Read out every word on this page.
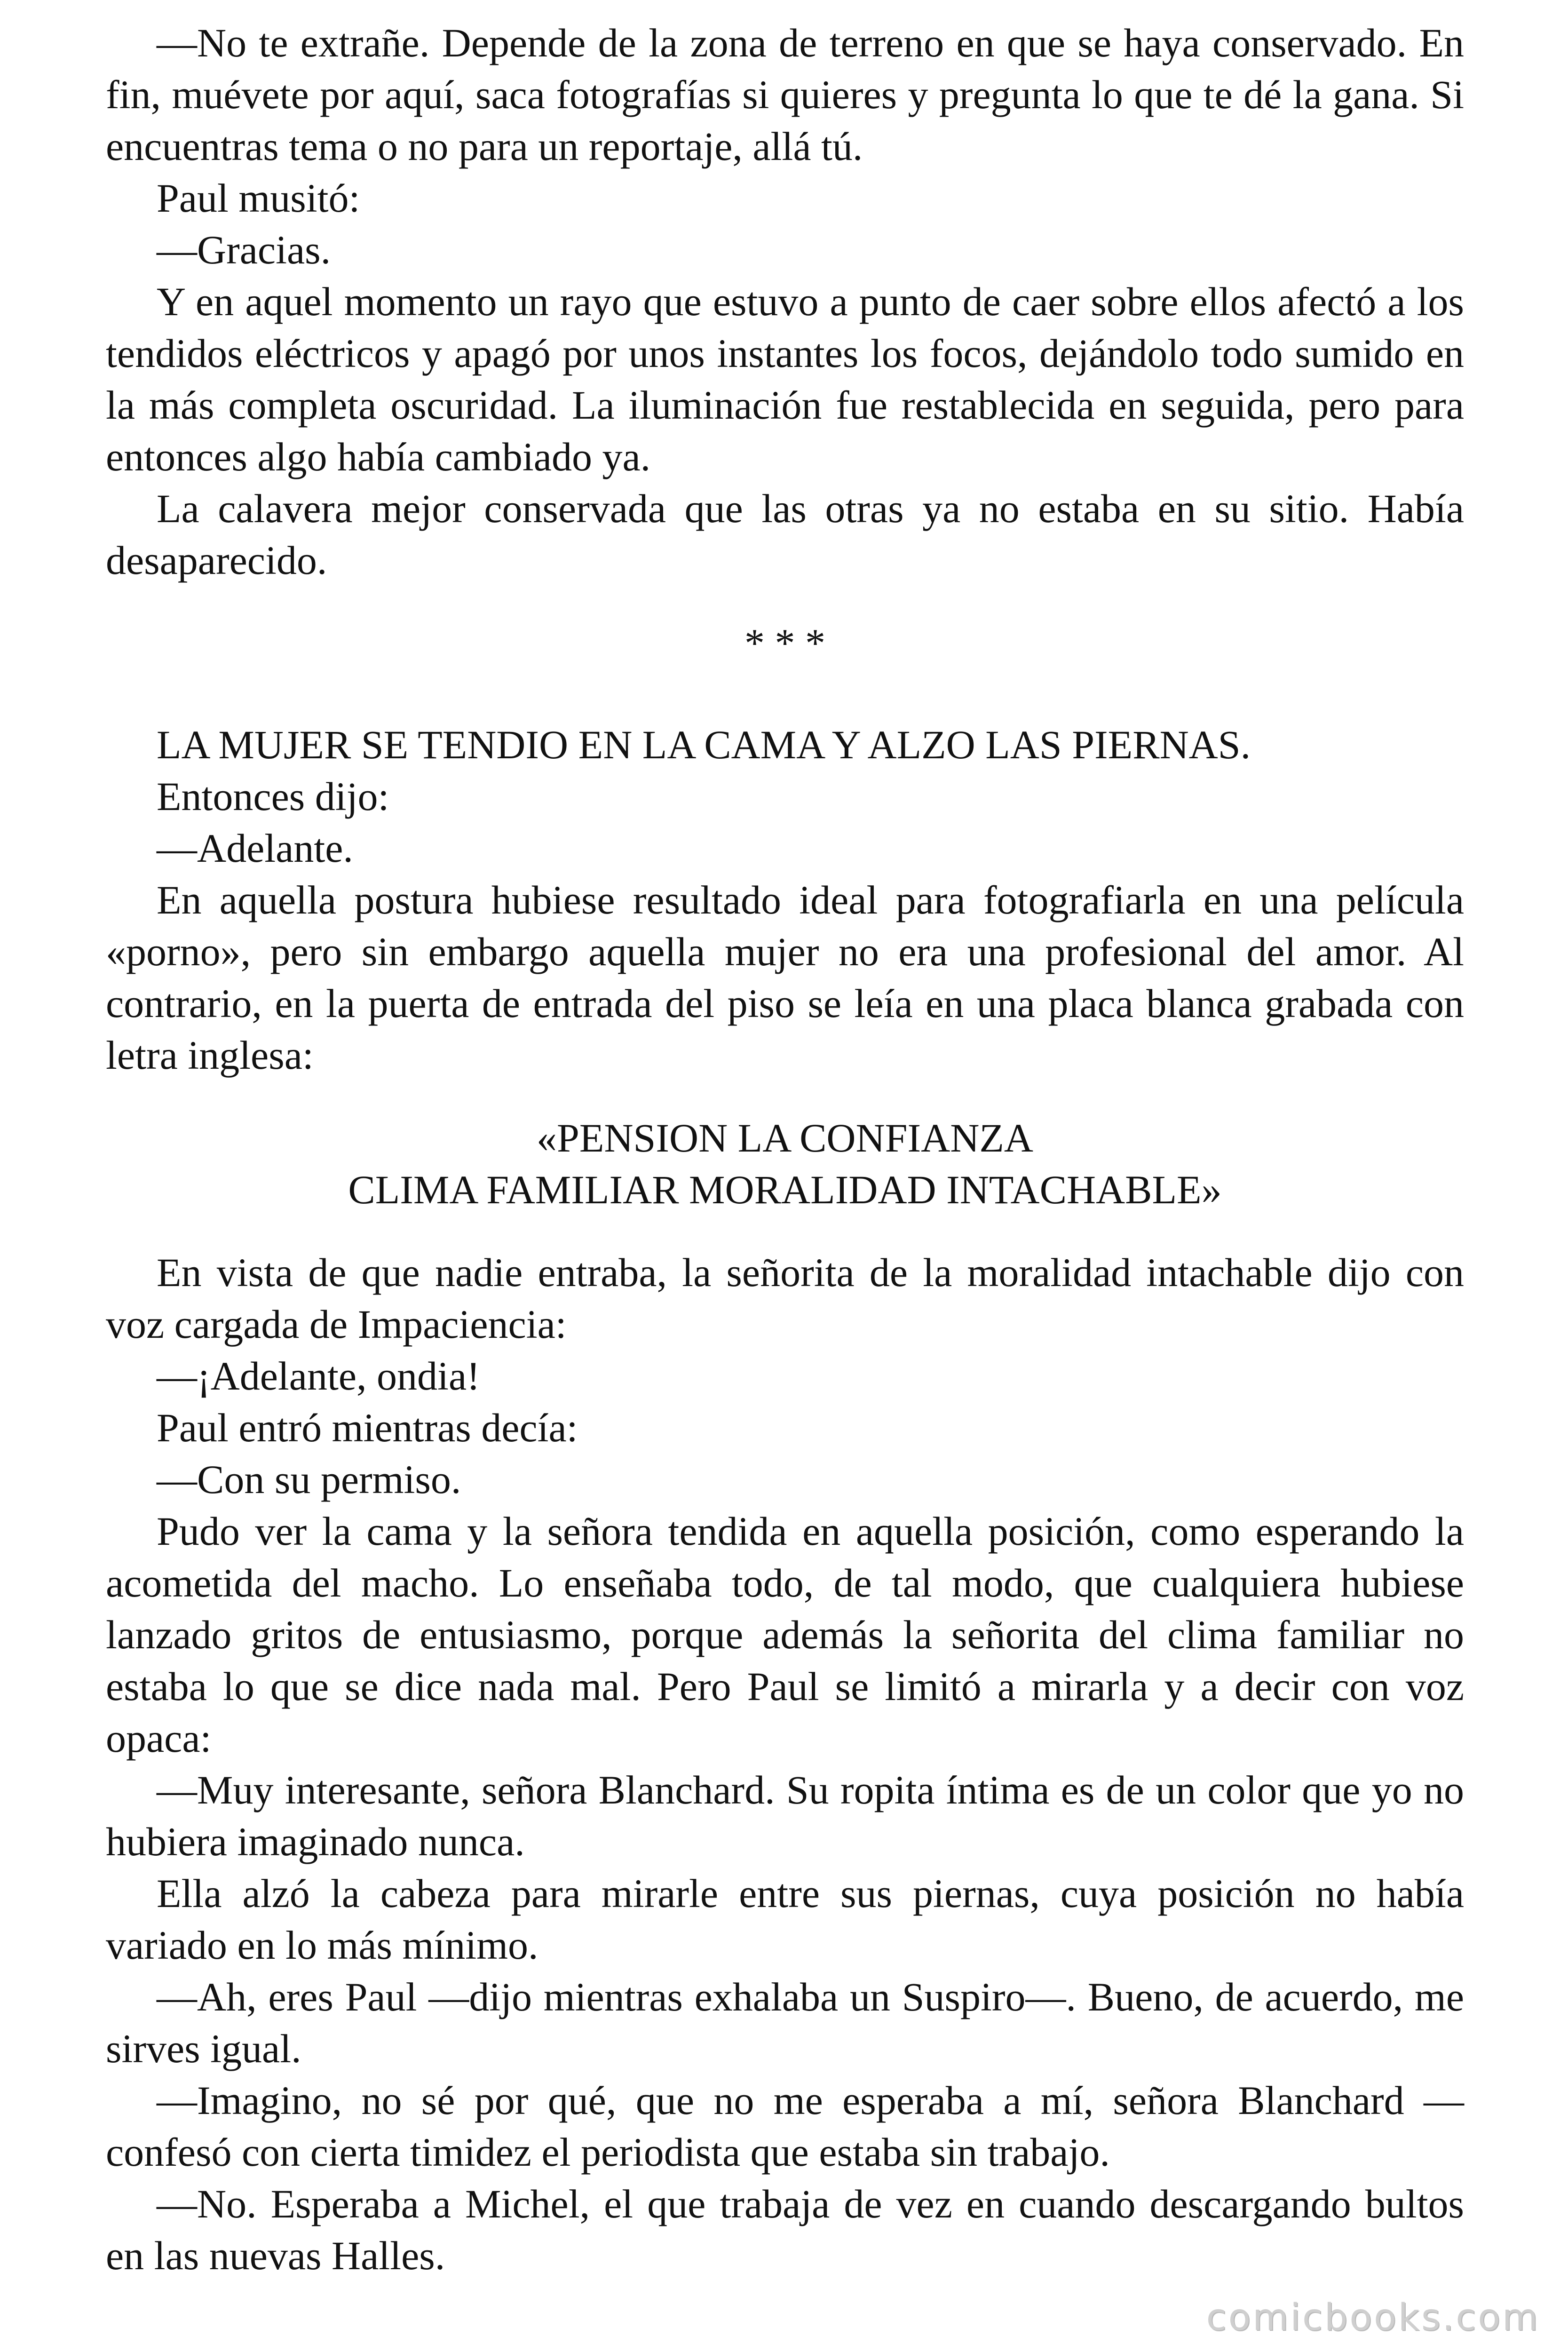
—No te extrañe. Depende de la zona de terreno en que se haya conservado. En fin, muévete por aquí, saca fotografías si quieres y pregunta lo que te dé la gana. Si encuentras tema o no para un reportaje, allá tú.

Paul musitó:

—Gracias.

Y en aquel momento un rayo que estuvo a punto de caer sobre ellos afectó a los tendidos eléctricos y apagó por unos instantes los focos, dejándolo todo sumido en la más completa oscuridad. La iluminación fue restablecida en seguida, pero para entonces algo había cambiado ya.

La calavera mejor conservada que las otras ya no estaba en su sitio. Había desaparecido.

* * *

LA MUJER SE TENDIO EN LA CAMA Y ALZO LAS PIERNAS.

Entonces dijo:

—Adelante.

En aquella postura hubiese resultado ideal para fotografiarla en una película «porno», pero sin embargo aquella mujer no era una profesional del amor. Al contrario, en la puerta de entrada del piso se leía en una placa blanca grabada con letra inglesa:

«PENSION LA CONFIANZA

CLIMA FAMILIAR MORALIDAD INTACHABLE»

En vista de que nadie entraba, la señorita de la moralidad intachable dijo con voz cargada de Impaciencia:

—¡Adelante, ondia!

Paul entró mientras decía:

—Con su permiso.

Pudo ver la cama y la señora tendida en aquella posición, como esperando la acometida del macho. Lo enseñaba todo, de tal modo, que cualquiera hubiese lanzado gritos de entusiasmo, porque además la señorita del clima familiar no estaba lo que se dice nada mal. Pero Paul se limitó a mirarla y a decir con voz opaca:

—Muy interesante, señora Blanchard. Su ropita íntima es de un color que yo no hubiera imaginado nunca.

Ella alzó la cabeza para mirarle entre sus piernas, cuya posición no había variado en lo más mínimo.

—Ah, eres Paul —dijo mientras exhalaba un Suspiro—. Bueno, de acuerdo, me sirves igual.

—Imagino, no sé por qué, que no me esperaba a mí, señora Blanchard — confesó con cierta timidez el periodista que estaba sin trabajo.

—No. Esperaba a Michel, el que trabaja de vez en cuando descargando bultos en las nuevas Halles.

comicbooks.com
